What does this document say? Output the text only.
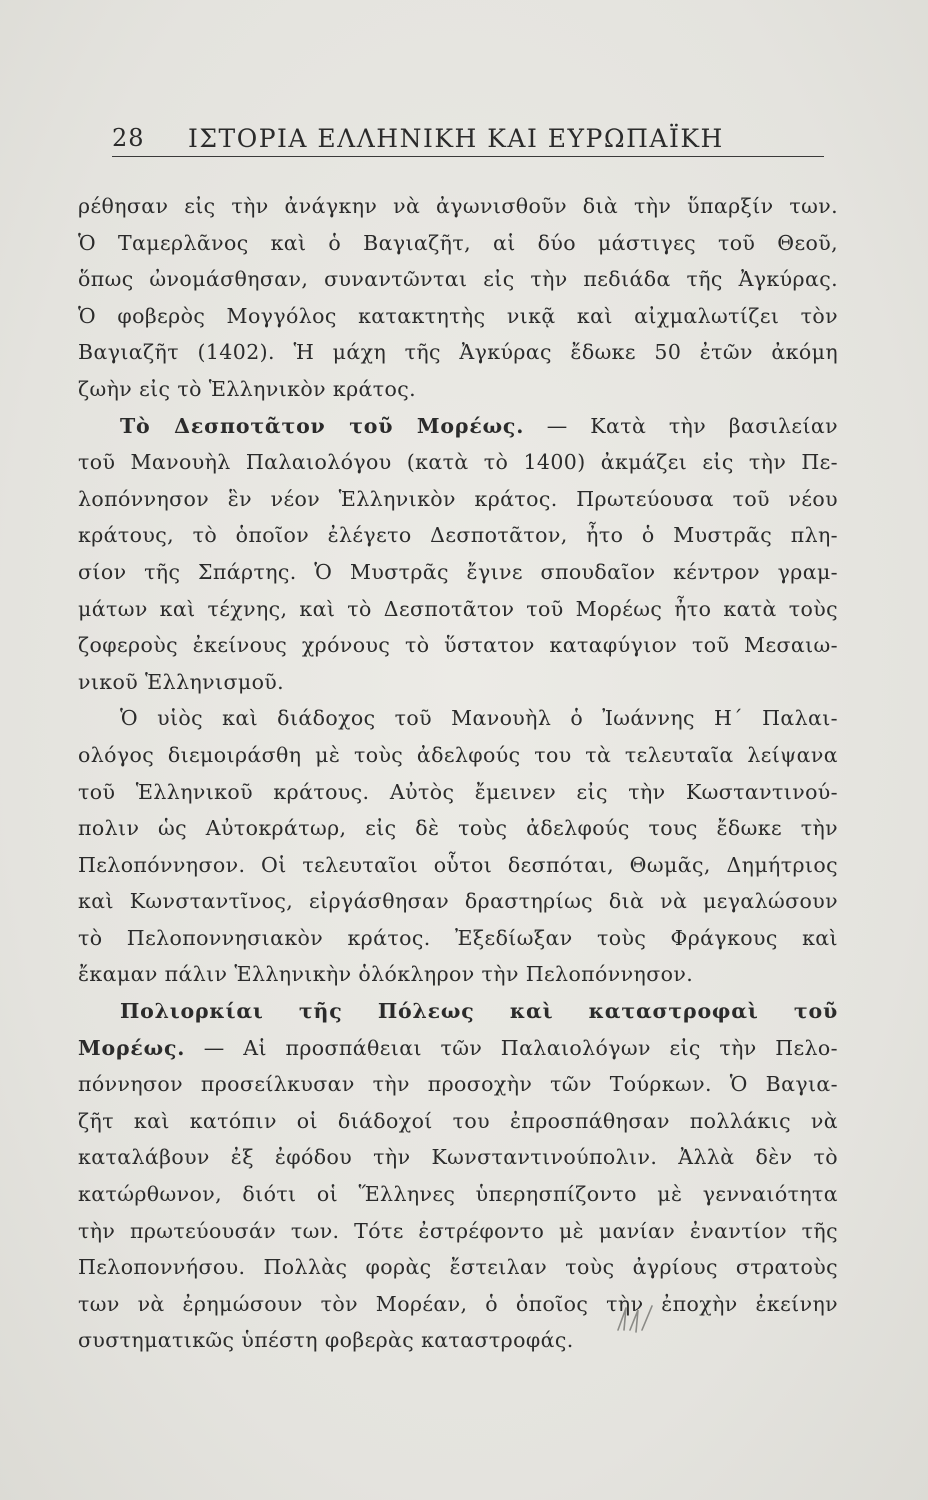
28 ΙΣΤΟΡΙΑ ΕΛΛΗΝΙΚΗ ΚΑΙ ΕΥΡΩΠΑΪΚΗ
ρέθησαν εἰς τὴν ἀνάγκην νὰ ἀγωνισθοῦν διὰ τὴν ὕπαρξίν των.
Ὁ Ταμερλᾶνος καὶ ὁ Βαγιαζῆτ, αἱ δύο μάστιγες τοῦ Θεοῦ,
ὅπως ὠνομάσθησαν, συναντῶνται εἰς τὴν πεδιάδα τῆς Ἀγκύρας.
Ὁ φοβερὸς Μογγόλος κατακτητὴς νικᾷ καὶ αἰχμαλωτίζει τὸν
Βαγιαζῆτ (1402). Ἡ μάχη τῆς Ἀγκύρας ἔδωκε 50 ἐτῶν ἀκόμη
ζωὴν εἰς τὸ Ἑλληνικὸν κράτος.
Τὸ Δεσποτᾶτον τοῦ Μορέως. — Κατὰ τὴν βασιλείαν
τοῦ Μανουὴλ Παλαιολόγου (κατὰ τὸ 1400) ἀκμάζει εἰς τὴν Πε-
λοπόννησον ἓν νέον Ἑλληνικὸν κράτος. Πρωτεύουσα τοῦ νέου
κράτους, τὸ ὁποῖον ἐλέγετο Δεσποτᾶτον, ἦτο ὁ Μυστρᾶς πλη-
σίον τῆς Σπάρτης. Ὁ Μυστρᾶς ἔγινε σπουδαῖον κέντρον γραμ-
μάτων καὶ τέχνης, καὶ τὸ Δεσποτᾶτον τοῦ Μορέως ἦτο κατὰ τοὺς
ζοφεροὺς ἐκείνους χρόνους τὸ ὕστατον καταφύγιον τοῦ Μεσαιω-
νικοῦ Ἑλληνισμοῦ.
Ὁ υἱὸς καὶ διάδοχος τοῦ Μανουὴλ ὁ Ἰωάννης Η΄ Παλαι-
ολόγος διεμοιράσθη μὲ τοὺς ἀδελφούς του τὰ τελευταῖα λείψανα
τοῦ Ἑλληνικοῦ κράτους. Αὐτὸς ἔμεινεν εἰς τὴν Κωσταντινού-
πολιν ὡς Αὐτοκράτωρ, εἰς δὲ τοὺς ἀδελφούς τους ἔδωκε τὴν
Πελοπόννησον. Οἱ τελευταῖοι οὗτοι δεσπόται, Θωμᾶς, Δημήτριος
καὶ Κωνσταντῖνος, εἰργάσθησαν δραστηρίως διὰ νὰ μεγαλώσουν
τὸ Πελοποννησιακὸν κράτος. Ἐξεδίωξαν τοὺς Φράγκους καὶ
ἔκαμαν πάλιν Ἑλληνικὴν ὁλόκληρον τὴν Πελοπόννησον.
Πολιορκίαι τῆς Πόλεως καὶ καταστροφαὶ τοῦ
Μορέως. — Αἱ προσπάθειαι τῶν Παλαιολόγων εἰς τὴν Πελο-
πόννησον προσείλκυσαν τὴν προσοχὴν τῶν Τούρκων. Ὁ Βαγια-
ζῆτ καὶ κατόπιν οἱ διάδοχοί του ἐπροσπάθησαν πολλάκις νὰ
καταλάβουν ἐξ ἐφόδου τὴν Κωνσταντινούπολιν. Ἀλλὰ δὲν τὸ
κατώρθωνον, διότι οἱ Ἕλληνες ὑπερησπίζοντο μὲ γενναιότητα
τὴν πρωτεύουσάν των. Τότε ἐστρέφοντο μὲ μανίαν ἐναντίον τῆς
Πελοποννήσου. Πολλὰς φορὰς ἔστειλαν τοὺς ἀγρίους στρατοὺς
των νὰ ἐρημώσουν τὸν Μορέαν, ὁ ὁποῖος τὴν ἐποχὴν ἐκείνην
συστηματικῶς ὑπέστη φοβερὰς καταστροφάς.
